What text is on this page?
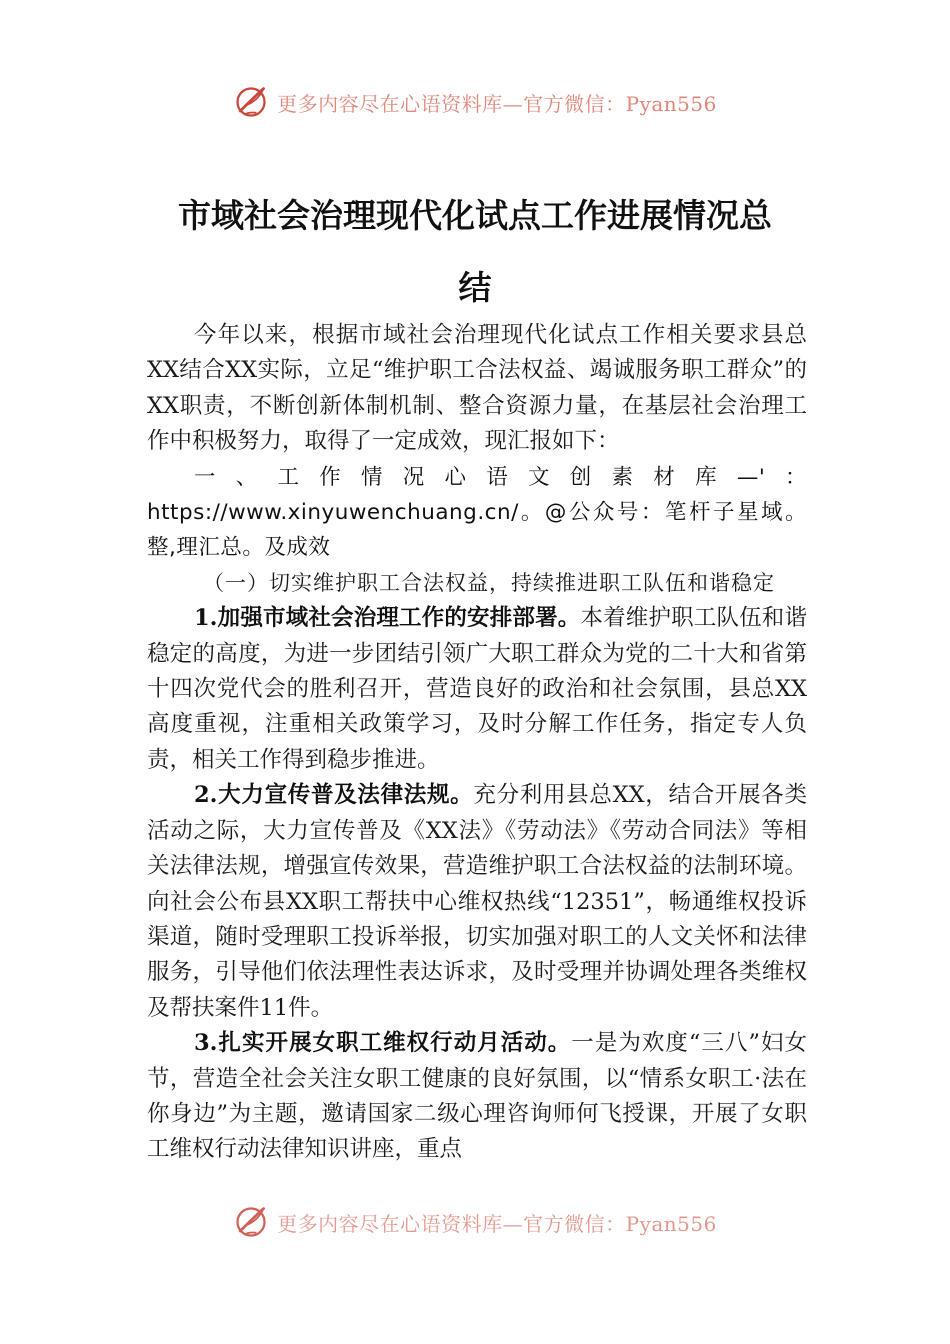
更多内容尽在心语资料库—官方微信：Pyan556
市域社会治理现代化试点工作进展情况总
结

今年以来，根据市域社会治理现代化试点工作相关要求县总XX结合XX实际，立足“维护职工合法权益、竭诚服务职工群众”的XX职责，不断创新体制机制、整合资源力量，在基层社会治理工作中积极努力，取得了一定成效，现汇报如下：

一、工作情况心语文创素材库—'：https://www.xinyuwenchuang.cn/。@公众号：笔杆子星域。整,理汇总。及成效

（一）切实维护职工合法权益，持续推进职工队伍和谐稳定

1.加强市域社会治理工作的安排部署。本着维护职工队伍和谐稳定的高度，为进一步团结引领广大职工群众为党的二十大和省第十四次党代会的胜利召开，营造良好的政治和社会氛围，县总XX高度重视，注重相关政策学习，及时分解工作任务，指定专人负责，相关工作得到稳步推进。

2.大力宣传普及法律法规。充分利用县总XX，结合开展各类活动之际，大力宣传普及《XX法》《劳动法》《劳动合同法》等相关法律法规，增强宣传效果，营造维护职工合法权益的法制环境。向社会公布县XX职工帮扶中心维权热线“12351”，畅通维权投诉渠道，随时受理职工投诉举报，切实加强对职工的人文关怀和法律服务，引导他们依法理性表达诉求，及时受理并协调处理各类维权及帮扶案件11件。

3.扎实开展女职工维权行动月活动。一是为欢度“三八”妇女节，营造全社会关注女职工健康的良好氛围，以“情系女职工·法在你身边”为主题，邀请国家二级心理咨询师何飞授课，开展了女职工维权行动法律知识讲座，重点

更多内容尽在心语资料库—官方微信：Pyan556
